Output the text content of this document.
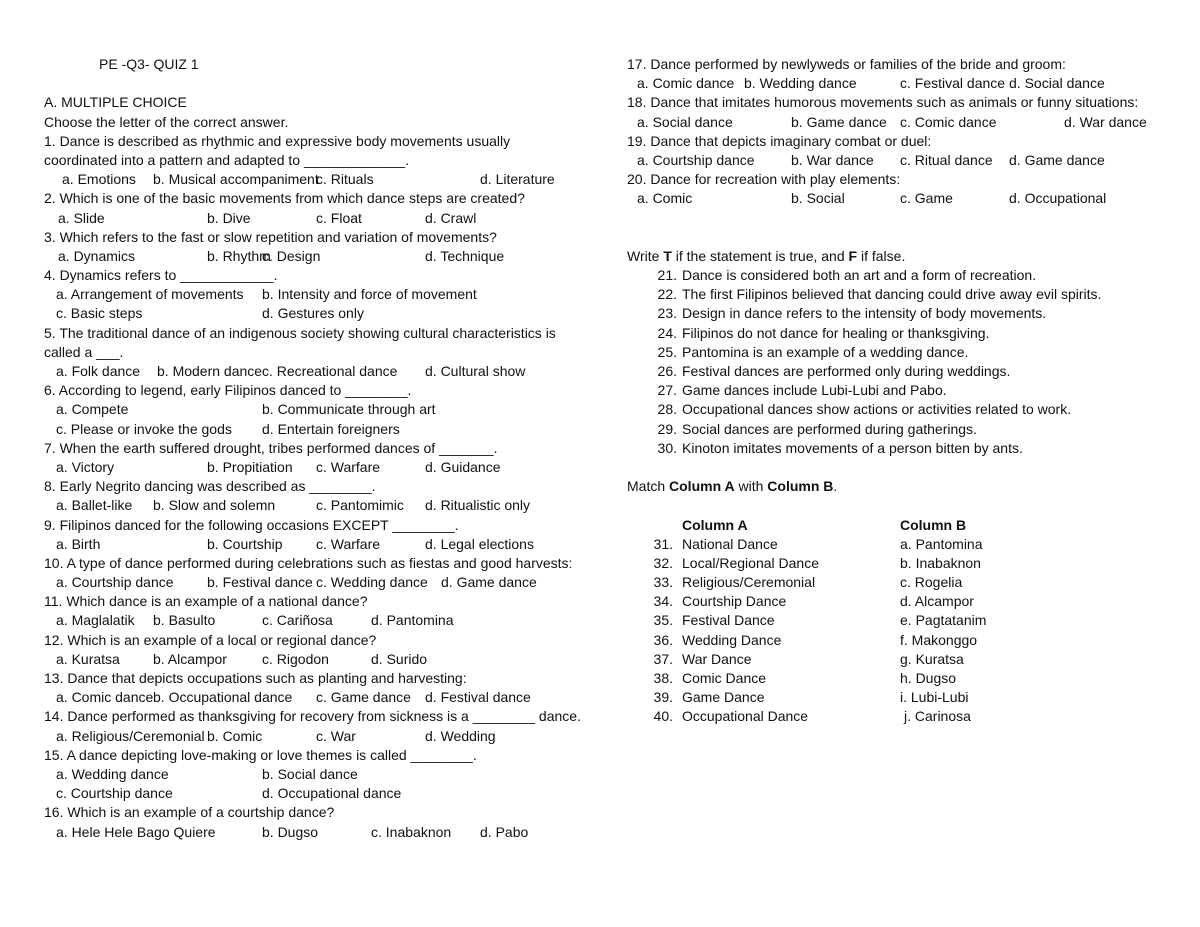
PE -Q3- QUIZ 1
A. MULTIPLE CHOICE
Choose the letter of the correct answer.
1. Dance is described as rhythmic and expressive body movements usually
coordinated into a pattern and adapted to _____________.
a. Emotions b. Musical accompaniment
c. Rituals	d. Literature
2. Which is one of the basic movements from which dance steps are created?
a. Slide	b. Dive	c. Float	d. Crawl
3. Which refers to the fast or slow repetition and variation of movements?
a. Dynamics	b. Rhythm
c. Design	d. Technique
4. Dynamics refers to ____________.
a. Arrangement of movements b. Intensity and force of movement
c. Basic steps	d. Gestures only
5. The traditional dance of an indigenous society showing cultural characteristics is
called a ___.
a. Folk dance b. Modern dance c. Recreational dance d. Cultural show
6. According to legend, early Filipinos danced to ________.
a. Compete	b. Communicate through art
c. Please or invoke the gods d. Entertain foreigners
7. When the earth suffered drought, tribes performed dances of _______.
a. Victory	b. Propitiation c. Warfare	d. Guidance
8. Early Negrito dancing was described as ________.
a. Ballet-like b. Slow and solemn	c. Pantomimic d. Ritualistic only
9. Filipinos danced for the following occasions EXCEPT ________.
a. Birth	b. Courtship c. Warfare	d. Legal elections
10. A type of dance performed during celebrations such as fiestas and good harvests:
a. Courtship dance b. Festival dance c. Wedding dance d. Game dance
11. Which dance is an example of a national dance?
a. Maglalatik b. Basulto	c. Cariñosa	d. Pantomina
12. Which is an example of a local or regional dance?
a. Kuratsa b. Alcampor	c. Rigodon	d. Surido
13. Dance that depicts occupations such as planting and harvesting:
a. Comic dance b. Occupational dance c. Game dance d. Festival dance
14. Dance performed as thanksgiving for recovery from sickness is a ________ dance.
a. Religious/Ceremonial b. Comic	c. War	d. Wedding
15. A dance depicting love-making or love themes is called ________.
a. Wedding dance	b. Social dance
c. Courtship dance	d. Occupational dance
16. Which is an example of a courtship dance?
a. Hele Hele Bago Quiere	b. Dugso	c. Inabaknon d. Pabo
17. Dance performed by newlyweds or families of the bride and groom:
a. Comic dance b. Wedding dance	c. Festival dance d. Social dance
18. Dance that imitates humorous movements such as animals or funny situations:
a. Social dance	b. Game dance c. Comic dance	d. War dance
19. Dance that depicts imaginary combat or duel:
a. Courtship dance	b. War dance c. Ritual dance d. Game dance
20. Dance for recreation with play elements:
a. Comic	b. Social	c. Game	d. Occupational
Write T if the statement is true, and F if false.
21. Dance is considered both an art and a form of recreation.
22. The first Filipinos believed that dancing could drive away evil spirits.
23. Design in dance refers to the intensity of body movements.
24. Filipinos do not dance for healing or thanksgiving.
25. Pantomina is an example of a wedding dance.
26. Festival dances are performed only during weddings.
27. Game dances include Lubi-Lubi and Pabo.
28. Occupational dances show actions or activities related to work.
29. Social dances are performed during gatherings.
30. Kinoton imitates movements of a person bitten by ants.
Match Column A with Column B.
Column A	Column B
31. National Dance	a. Pantomina
32. Local/Regional Dance	b. Inabaknon
33. Religious/Ceremonial	c. Rogelia
34. Courtship Dance	d. Alcampor
35. Festival Dance	e. Pagtatanim
36. Wedding Dance	f. Makonggo
37. War Dance	g. Kuratsa
38. Comic Dance	h. Dugso
39. Game Dance	i. Lubi-Lubi
40. Occupational Dance	j. Carinosa
